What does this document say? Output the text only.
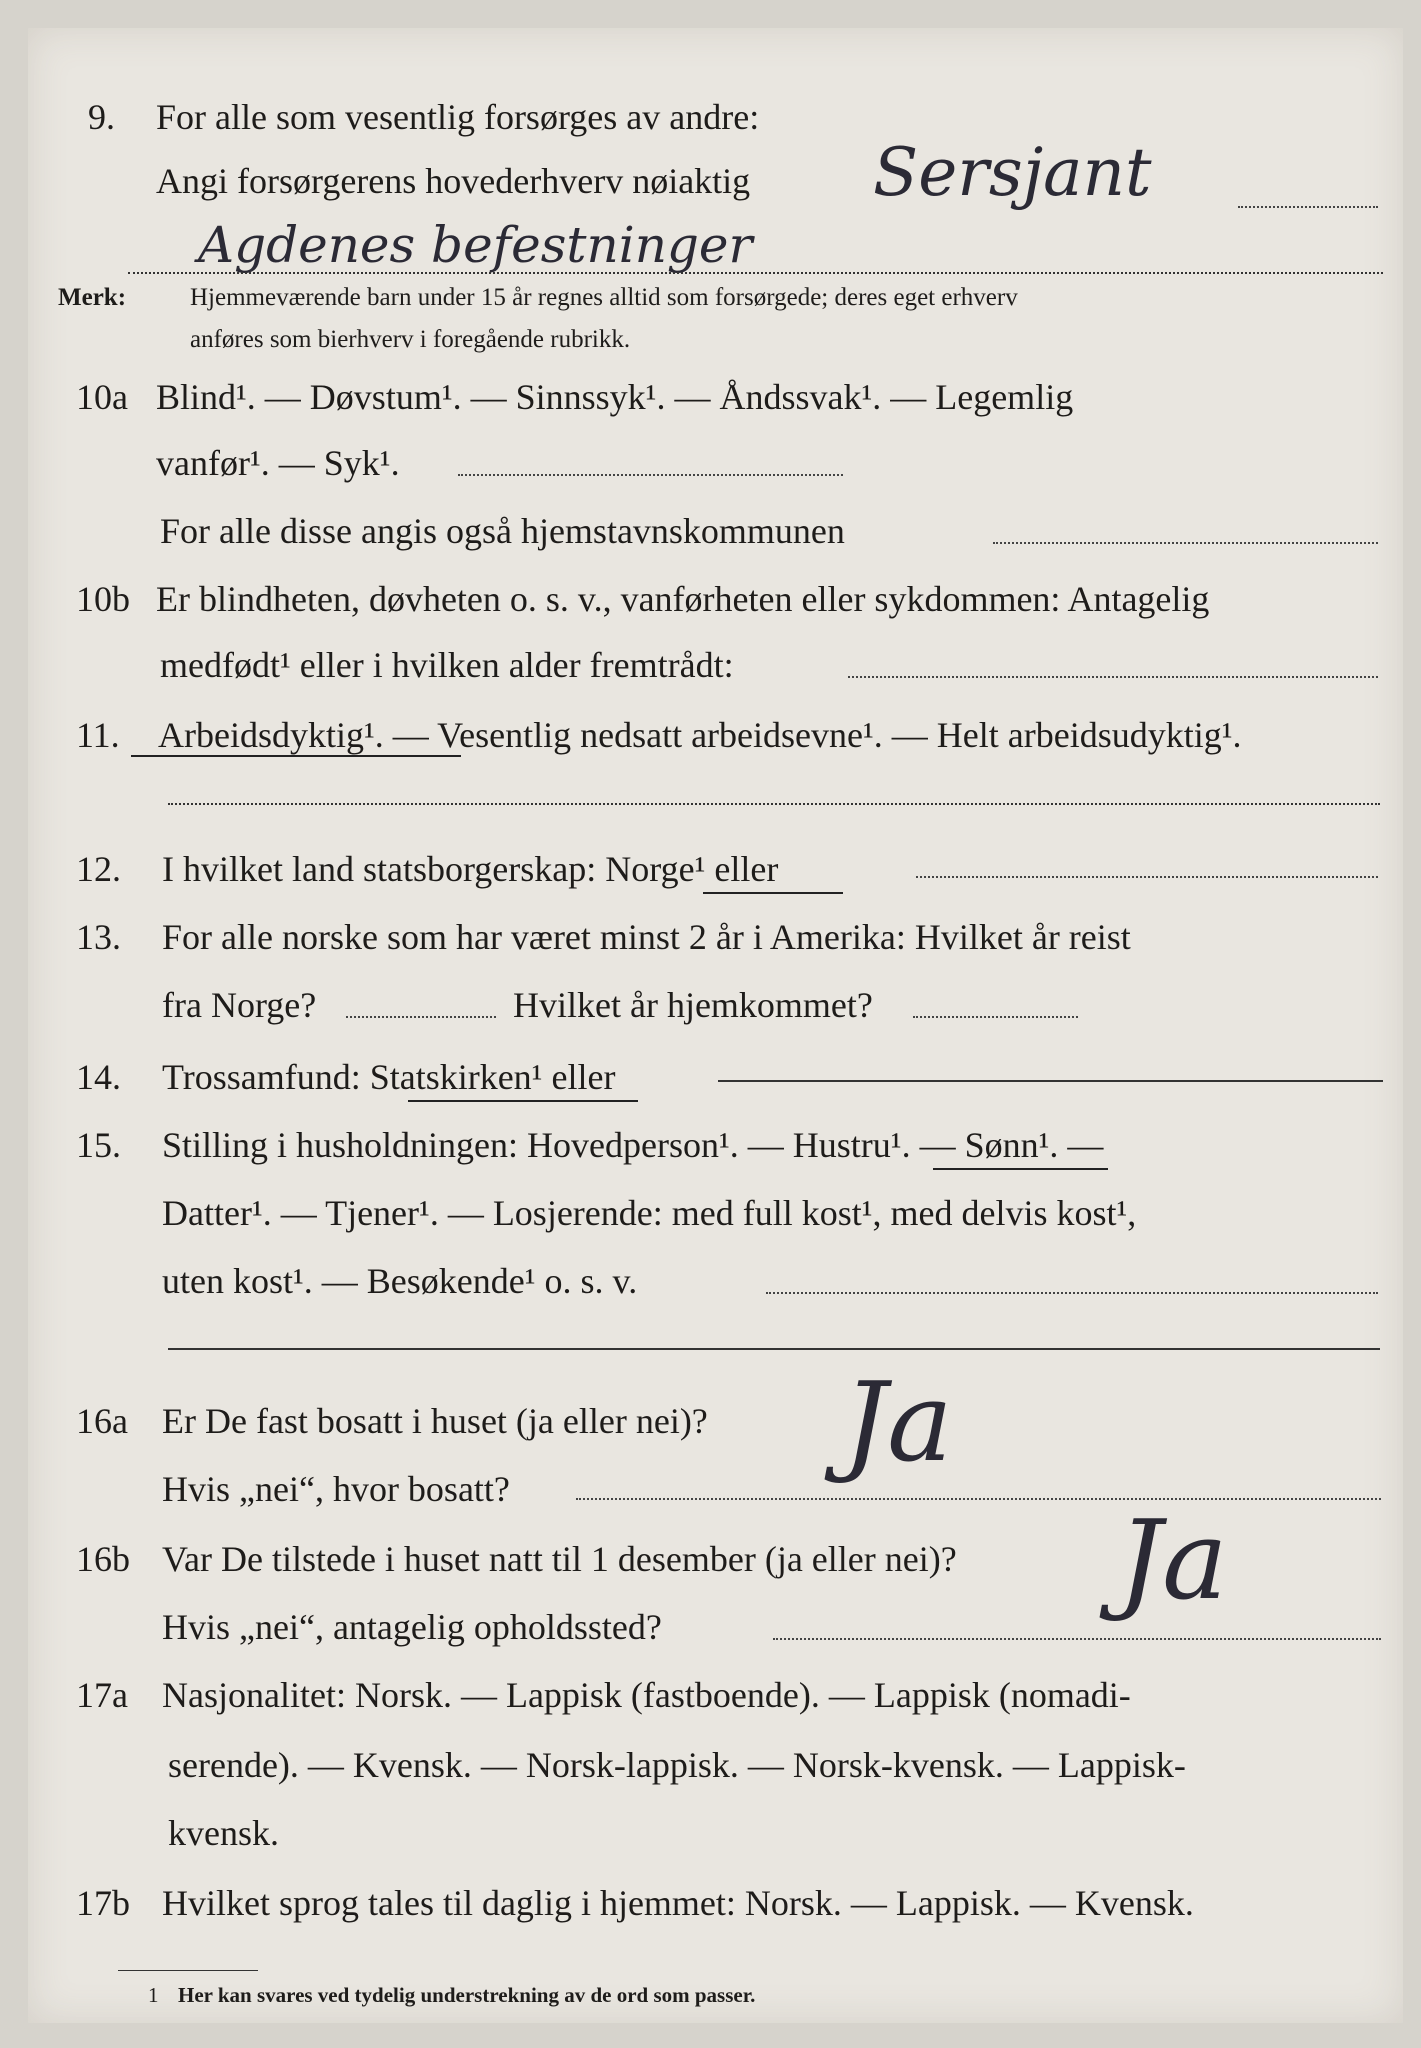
9. For alle som vesentlig forsørges av andre:
Angi forsørgerens hovederhverv nøiaktig Sersjant
Agdenes befestninger
Merk:	Hjemmeværende barn under 15 år regnes alltid som forsørgede; deres eget erhverv
anføres som bierhverv i foregående rubrikk.
10a Blind¹. — Døvstum¹. — Sinnssyk¹. — Åndssvak¹. — Legemlig
vanfør¹. — Syk¹.
For alle disse angis også hjemstavnskommunen
10b Er blindheten, døvheten o. s. v., vanførheten eller sykdommen: Antagelig
medfødt¹ eller i hvilken alder fremtrådt:
11. Arbeidsdyktig¹. — Vesentlig nedsatt arbeidsevne¹. — Helt arbeidsudyktig¹.
12. I hvilket land statsborgerskap: Norge¹ eller
13. For alle norske som har været minst 2 år i Amerika: Hvilket år reist
fra Norge?	Hvilket år hjemkommet?
14. Trossamfund: Statskirken¹ eller
15. Stilling i husholdningen: Hovedperson¹. — Hustru¹. — Sønn¹. —
Datter¹. — Tjener¹. — Losjerende: med full kost¹, med delvis kost¹,
uten kost¹. — Besøkende¹ o. s. v.
16a Er De fast bosatt i huset (ja eller nei)? Ja
Hvis „nei“, hvor bosatt?
16b Var De tilstede i huset natt til 1 desember (ja eller nei)? Ja
Hvis „nei“, antagelig opholdssted?
17a Nasjonalitet: Norsk. — Lappisk (fastboende). — Lappisk (nomadi-
serende). — Kvensk. — Norsk-lappisk. — Norsk-kvensk. — Lappisk-
kvensk.
17b Hvilket sprog tales til daglig i hjemmet: Norsk. — Lappisk. — Kvensk.
1 Her kan svares ved tydelig understrekning av de ord som passer.
